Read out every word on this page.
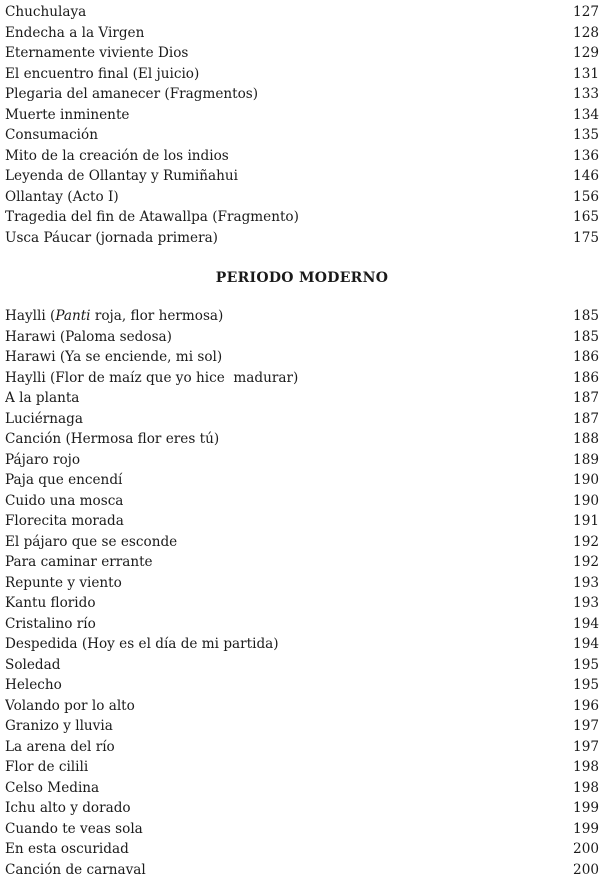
Chuchulaya	127
Endecha a la Virgen	128
Eternamente viviente Dios	129
El encuentro final (El juicio)	131
Plegaria del amanecer (Fragmentos)	133
Muerte inminente	134
Consumación	135
Mito de la creación de los indios	136
Leyenda de Ollantay y Rumiñahui	146
Ollantay (Acto I)	156
Tragedia del fin de Atawallpa (Fragmento)	165
Usca Páucar (jornada primera)	175
PERIODO MODERNO
Haylli (Panti roja, flor hermosa)	185
Harawi (Paloma sedosa)	185
Harawi (Ya se enciende, mi sol)	186
Haylli (Flor de maíz que yo hice  madurar)	186
A la planta	187
Luciérnaga	187
Canción (Hermosa flor eres tú)	188
Pájaro rojo	189
Paja que encendí	190
Cuido una mosca	190
Florecita morada	191
El pájaro que se esconde	192
Para caminar errante	192
Repunte y viento	193
Kantu florido	193
Cristalino río	194
Despedida (Hoy es el día de mi partida)	194
Soledad	195
Helecho	195
Volando por lo alto	196
Granizo y lluvia	197
La arena del río	197
Flor de cilili	198
Celso Medina	198
Ichu alto y dorado	199
Cuando te veas sola	199
En esta oscuridad	200
Canción de carnaval	200
